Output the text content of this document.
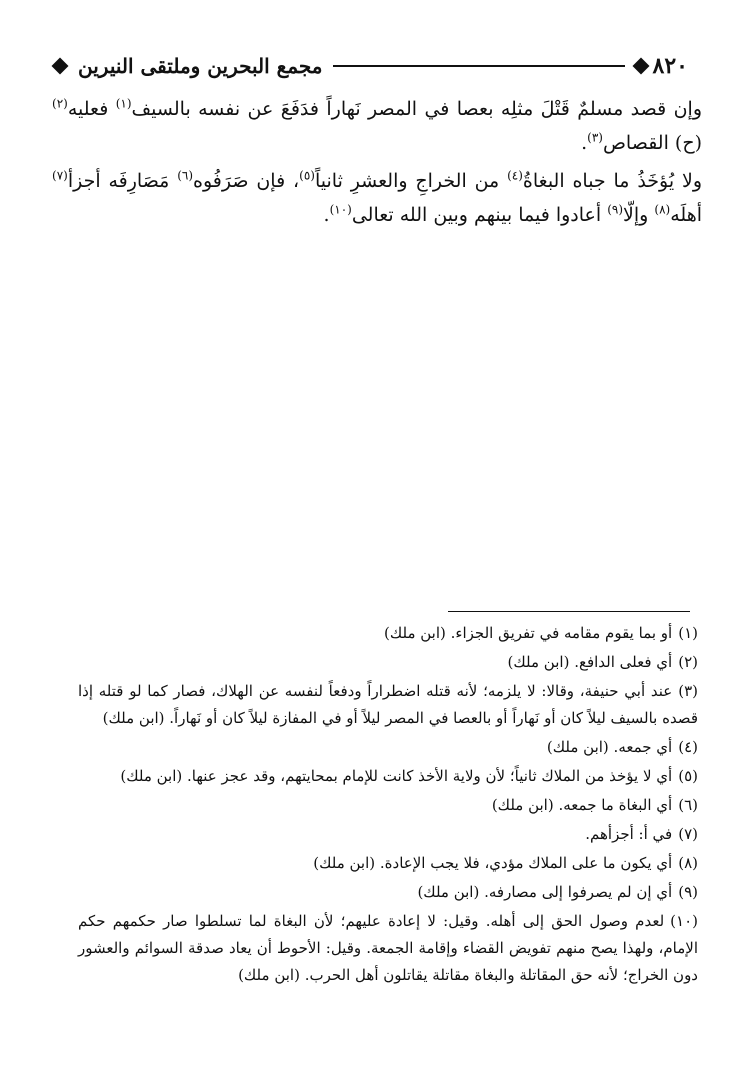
٨٢٠
مجمع البحرين وملتقى النيرين

وإن قصد مسلمٌ قَتْلَ مثلِه بعصا في المصر نَهاراً فدَفَعَ عن نفسه بالسيف$^{(١)}$ فعليه$^{(٢)}$ (ح) القصاص$^{(٣)}$.

ولا يُؤخَذُ ما جباه البغاةُ$^{(٤)}$ من الخراجِ والعشرِ ثانياً$^{(٥)}$، فإن صَرَفُوه$^{(٦)}$ مَصَارِفَه أجزأ$^{(٧)}$ أهلَه$^{(٨)}$ وإلّا$^{(٩)}$ أعادوا فيما بينهم وبين الله تعالى$^{(١٠)}$.

(١)أو بما يقوم مقامه في تفريق الجزاء. (ابن ملك)
(٢)أي فعلى الدافع. (ابن ملك)
(٣)عند أبي حنيفة، وقالا: لا يلزمه؛ لأنه قتله اضطراراً ودفعاً لنفسه عن الهلاك، فصار كما لو قتله إذا قصده بالسيف ليلاً كان أو نَهاراً أو بالعصا في المصر ليلاً أو في المفازة ليلاً كان أو نَهاراً. (ابن ملك)
(٤)أي جمعه. (ابن ملك)
(٥)أي لا يؤخذ من الملاك ثانياً؛ لأن ولاية الأخذ كانت للإمام بمحايتهم، وقد عجز عنها. (ابن ملك)
(٦)أي البغاة ما جمعه. (ابن ملك)
(٧)في أ: أجزأهم.
(٨)أي يكون ما على الملاك مؤدي، فلا يجب الإعادة. (ابن ملك)
(٩)أي إن لم يصرفوا إلى مصارفه. (ابن ملك)
(١٠)لعدم وصول الحق إلى أهله. وقيل: لا إعادة عليهم؛ لأن البغاة لما تسلطوا صار حكمهم حكم الإمام، ولهذا يصح منهم تفويض القضاء وإقامة الجمعة. وقيل: الأحوط أن يعاد صدقة السوائم والعشور دون الخراج؛ لأنه حق المقاتلة والبغاة مقاتلة يقاتلون أهل الحرب. (ابن ملك)
